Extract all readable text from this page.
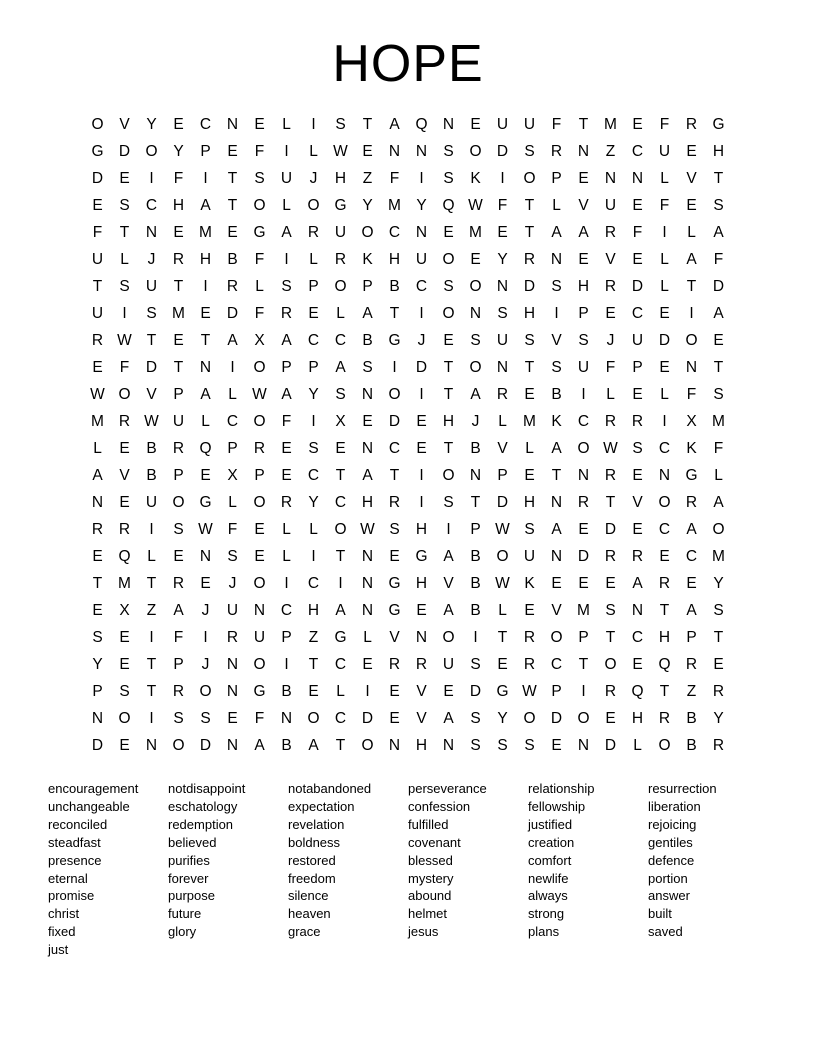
HOPE
O	V	Y	E	C	N	E	L	I	S	T	A	Q N	E	U	U	F	T	M E	F	R G
G D O	Y	P	E	F	I	L W E	N	N	S	O D	S	R	N	Z	C	U	E	H
D	E	I	F	I	T	S	U	J	H	Z	F	I	S	K	I	O	P	E	N	N	L	V	T
E	S	C	H	A	T	O	L	O G	Y M Y	Q W F	T	L	V	U	E	F	E	S
F	T	N	E M E	G	A	R	U O C	N	E M E	T	A	A	R	F	I	L	A
U	L	J	R	H	B	F	I	L	R	K	H	U O	E	Y	R	N	E	V	E	L	A	F
T	S	U	T	I	R	L	S	P	O	P	B	C	S	O N	D	S	H	R	D	L	T	D
U	I	S M E	D	F	R	E	L	A	T	I	O N	S	H	I	P	E	C	E	I	A
R W T	E	T	A	X	A	C	C	B	G	J	E	S	U	S	V	S	J	U	D O	E
E	F	D	T	N	I	O	P	P	A	S	I	D	T	O N	T	S	U	F	P	E	N	T
W O	V	P	A	L W A	Y	S	N O	I	T	A	R	E	B	I	L	E	L	F	S
M R W U	L	C O	F	I	X	E	D	E	H	J	L	M K	C	R	R	I	X M
L	E	B	R Q	P	R	E	S	E	N	C	E	T	B	V	L	A	O W S	C	K	F
A	V	B	P	E	X	P	E	C	T	A	T	I	O N	P	E	T	N	R	E	N G	L
N	E	U O G	L	O R	Y	C	H	R	I	S	T	D	H	N	R	T	V	O R	A
R	R	I	S W F	E	L	L	O W S	H	I	P W S	A	E	D	E	C	A	O
E	Q	L	E	N	S	E	L	I	T	N	E	G	A	B	O U	N	D	R	R	E	C M
T	M	T	R	E	J	O	I	C	I	N G H	V	B W K	E	E	E	A	R	E	Y
E	X	Z	A	J	U	N	C	H	A	N G	E	A	B	L	E	V M S	N	T	A	S
S	E	I	F	I	R	U	P	Z	G	L	V	N O	I	T	R O	P	T	C	H	P	T
Y	E	T	P	J	N O	I	T	C	E	R	R	U	S	E	R	C	T	O	E	Q R	E
P	S	T	R O N G	B	E	L	I	E	V	E	D G W P	I	R Q	T	Z	R
N O	I	S	S	E	F	N O C	D	E	V	A	S	Y	O D O	E	H	R	B	Y
D	E	N O D	N	A	B	A	T	O N	H	N	S	S	S	E	N	D	L	O	B	R
encouragement
unchangeable
reconciled
steadfast
presence
eternal
promise
christ
fixed
just
notdisappoint
eschatology
redemption
believed
purifies
forever
purpose
future
glory
notabandoned
expectation
revelation
boldness
restored
freedom
silence
heaven
grace
perseverance
confession
fulfilled
covenant
blessed
mystery
abound
helmet
jesus
relationship
fellowship
justified
creation
comfort
newlife
always
strong
plans
resurrection
liberation
rejoicing
gentiles
defence
portion
answer
built
saved
